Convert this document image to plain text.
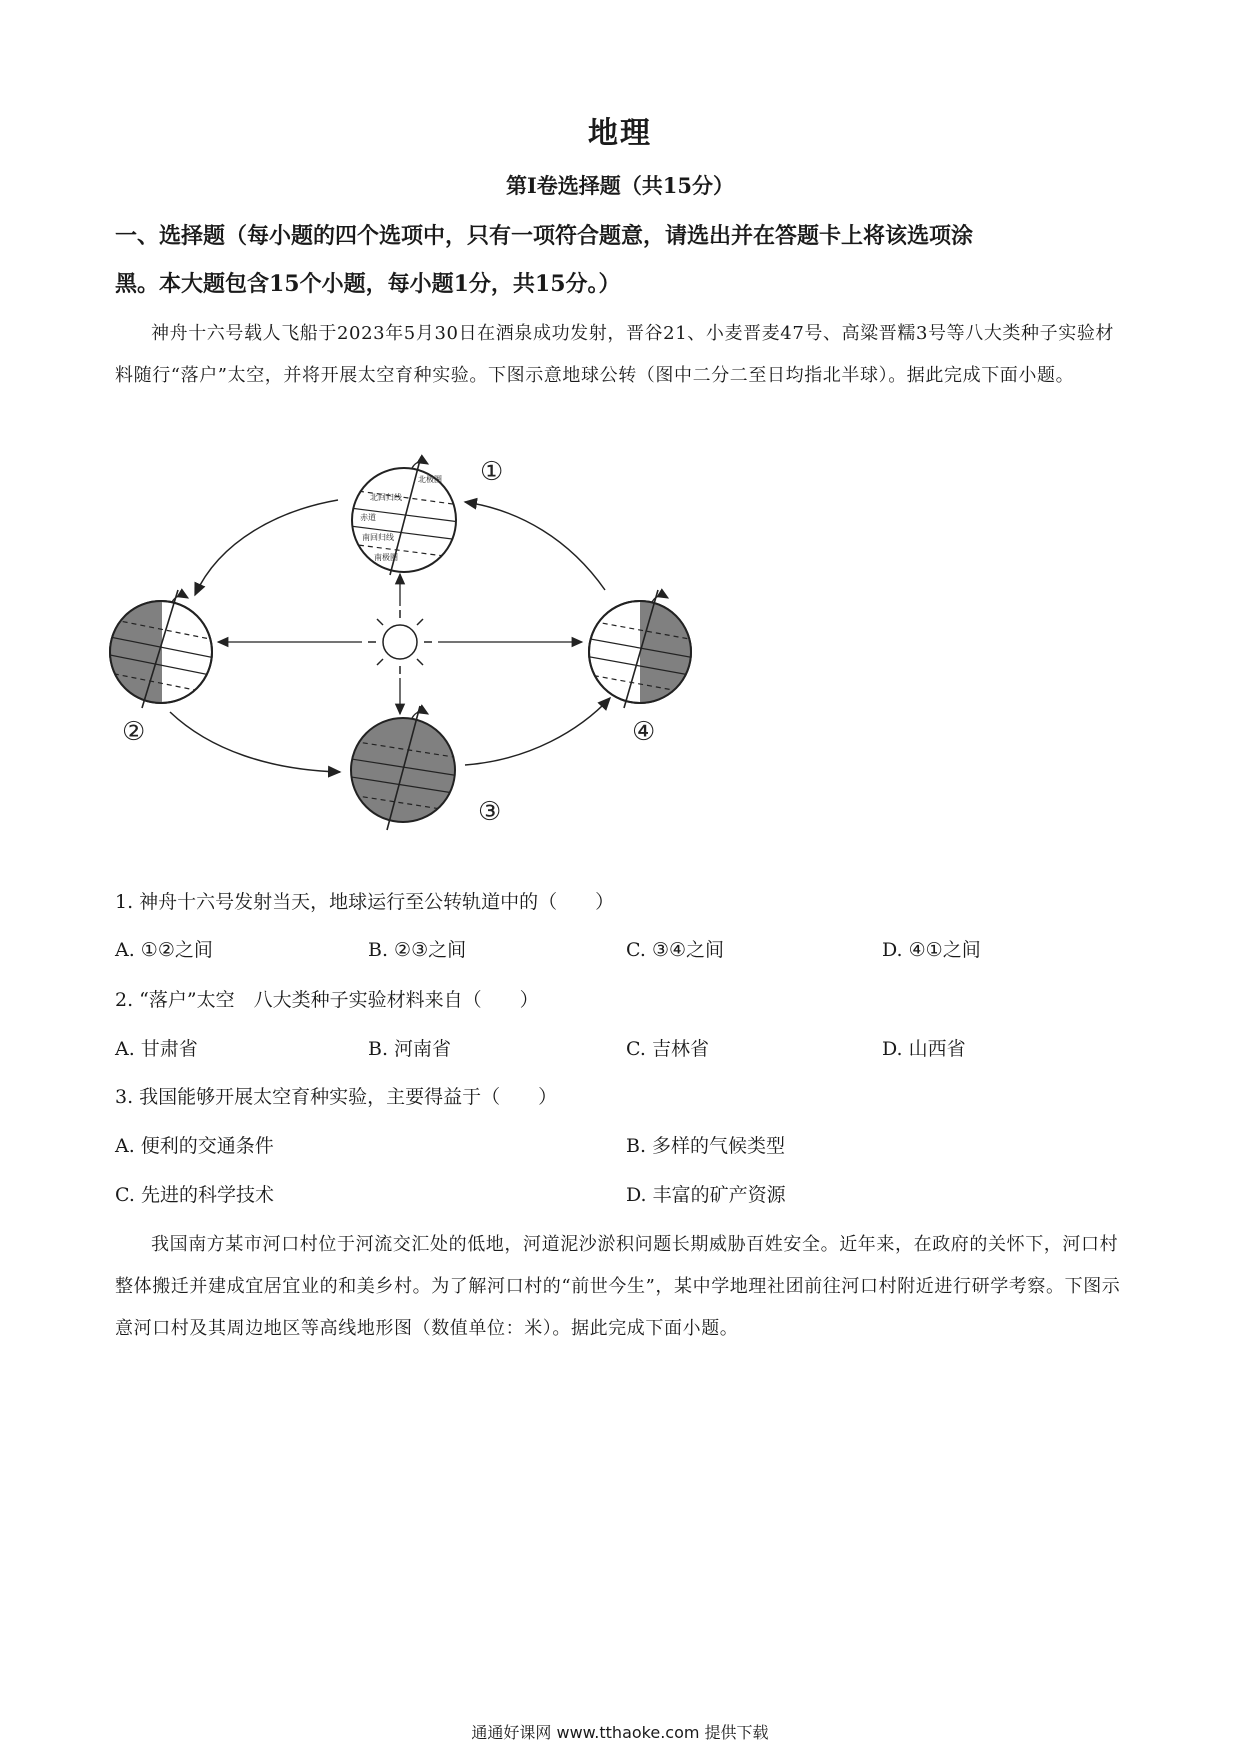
地理
第Ⅰ卷选择题（共15分）
一、选择题（每小题的四个选项中，只有一项符合题意，请选出并在答题卡上将该选项涂
黑。本大题包含15个小题，每小题1分，共15分。）
神舟十六号载人飞船于2023年5月30日在酒泉成功发射，晋谷21、小麦晋麦47号、高粱晋糯3号等八大类种子实验材料随行“落户”太空，并将开展太空育种实验。下图示意地球公转（图中二分二至日均指北半球）。据此完成下面小题。
北极圈
北回归线
赤道
南回归线
南极圈
①
②
③
④
1. 神舟十六号发射当天，地球运行至公转轨道中的（　　）
A. ①②之间	B. ②③之间	C. ③④之间	D. ④①之间
2. “落户”太空　八大类种子实验材料来自（　　）
A. 甘肃省	B. 河南省	C. 吉林省	D. 山西省
3. 我国能够开展太空育种实验，主要得益于（　　）
A. 便利的交通条件	B. 多样的气候类型
C. 先进的科学技术	D. 丰富的矿产资源
我国南方某市河口村位于河流交汇处的低地，河道泥沙淤积问题长期威胁百姓安全。近年来，在政府的关怀下，河口村整体搬迁并建成宜居宜业的和美乡村。为了解河口村的“前世今生”，某中学地理社团前往河口村附近进行研学考察。下图示意河口村及其周边地区等高线地形图（数值单位：米）。据此完成下面小题。
通通好课网 www.tthaoke.com 提供下载
